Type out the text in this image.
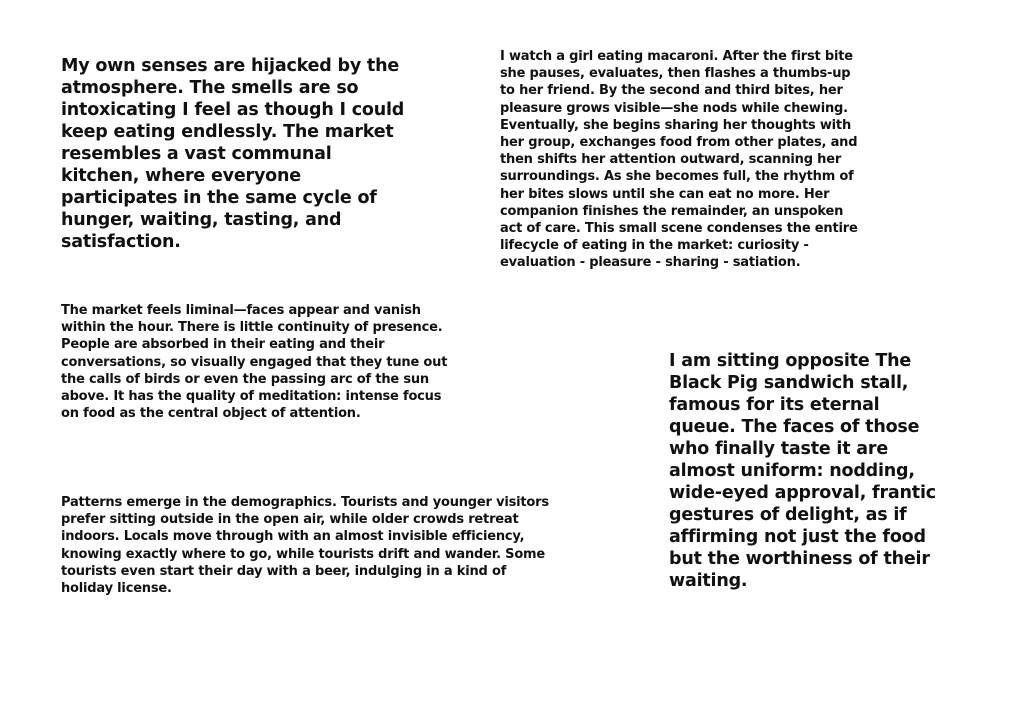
My own senses are hijacked by the atmosphere. The smells are so intoxicating I feel as though I could keep eating endlessly. The market resembles a vast communal kitchen, where everyone participates in the same cycle of hunger, waiting, tasting, and satisfaction.

I watch a girl eating macaroni. After the first bite she pauses, evaluates, then flashes a thumbs-up to her friend. By the second and third bites, her pleasure grows visible—she nods while chewing. Eventually, she begins sharing her thoughts with her group, exchanges food from other plates, and then shifts her attention outward, scanning her surroundings. As she becomes full, the rhythm of her bites slows until she can eat no more. Her companion finishes the remainder, an unspoken act of care. This small scene condenses the entire lifecycle of eating in the market: curiosity - evaluation - pleasure - sharing - satiation.

The market feels liminal—faces appear and vanish within the hour. There is little continuity of presence. People are absorbed in their eating and their conversations, so visually engaged that they tune out the calls of birds or even the passing arc of the sun above. It has the quality of meditation: intense focus on food as the central object of attention.

I am sitting opposite The Black Pig sandwich stall, famous for its eternal queue. The faces of those who finally taste it are almost uniform: nodding, wide-eyed approval, frantic gestures of delight, as if affirming not just the food but the worthiness of their waiting.

Patterns emerge in the demographics. Tourists and younger visitors prefer sitting outside in the open air, while older crowds retreat indoors. Locals move through with an almost invisible efficiency, knowing exactly where to go, while tourists drift and wander. Some tourists even start their day with a beer, indulging in a kind of holiday license.
